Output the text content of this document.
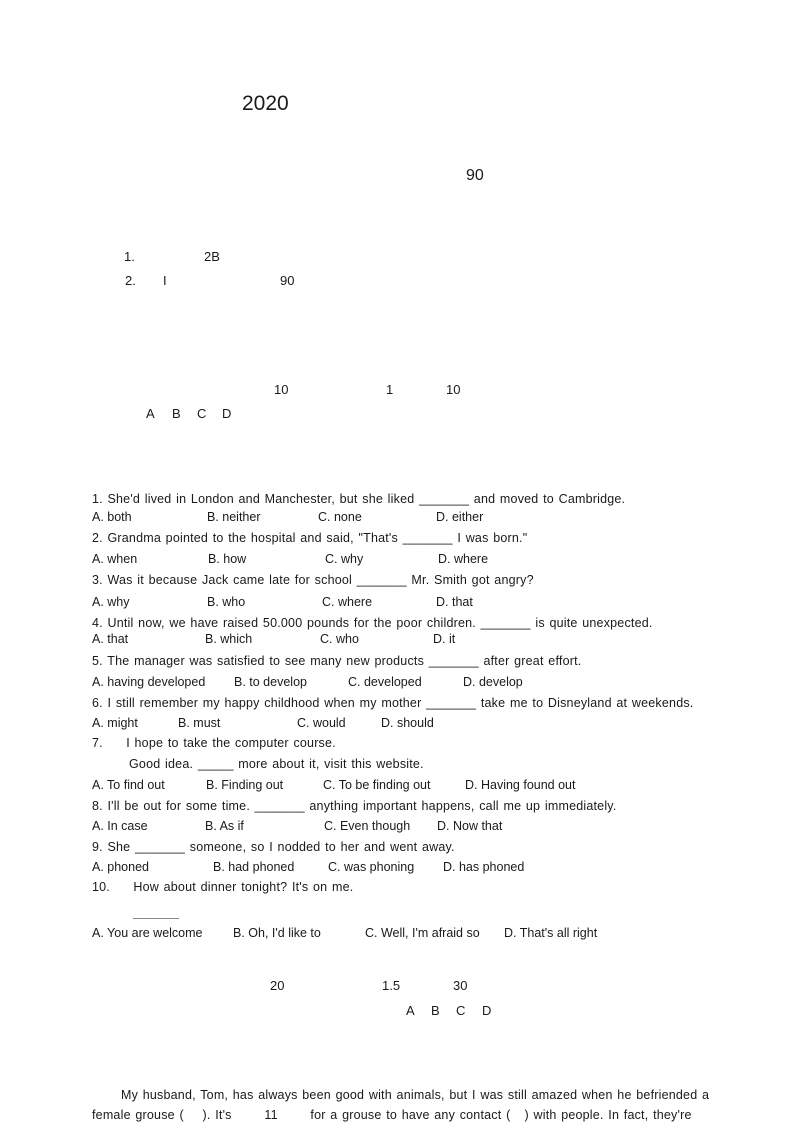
2020
90
1.	2B
2. I	90
10	1	10
A B C D
1. She'd lived in London and Manchester, but she liked _______ and moved to Cambridge.
A. both	B. neither	C. none	D. either
2. Grandma pointed to the hospital and said, "That's _______ I was born."
A. when	B. how	C. why	D. where
3. Was it because Jack came late for school _______ Mr. Smith got angry?
A. why	B. who	C. where	D. that
4. Until now, we have raised 50.000 pounds for the poor children. _______ is quite unexpected.
A. that	B. which	C. who	D. it
5. The manager was satisfied to see many new products _______ after great effort.
A. having developed B. to develop	C. developed	D. develop
6. I still remember my happy childhood when my mother _______ take me to Disneyland at weekends.
A. might	B. must	C. would	D. should
7.     I hope to take the computer course.
Good idea. _____ more about it, visit this website.
A. To find out	B. Finding out	C. To be finding out	D. Having found out
8. I'll be out for some time. _______ anything important happens, call me up immediately.
A. In case	B. As if	C. Even though D. Now that
9. She _______ someone, so I nodded to her and went away.
A. phoned	B. had phoned	C. was phoning D. has phoned
10.     How about dinner tonight? It's on me.
A. You are welcome B. Oh, I'd like to	C. Well, I'm afraid so D. That's all right
20	1.5	30
A B C D
My husband, Tom, has always been good with animals, but I was still amazed when he befriended a
female grouse (    ). It's       11       for a grouse to have any contact (   ) with people. In fact, they're
